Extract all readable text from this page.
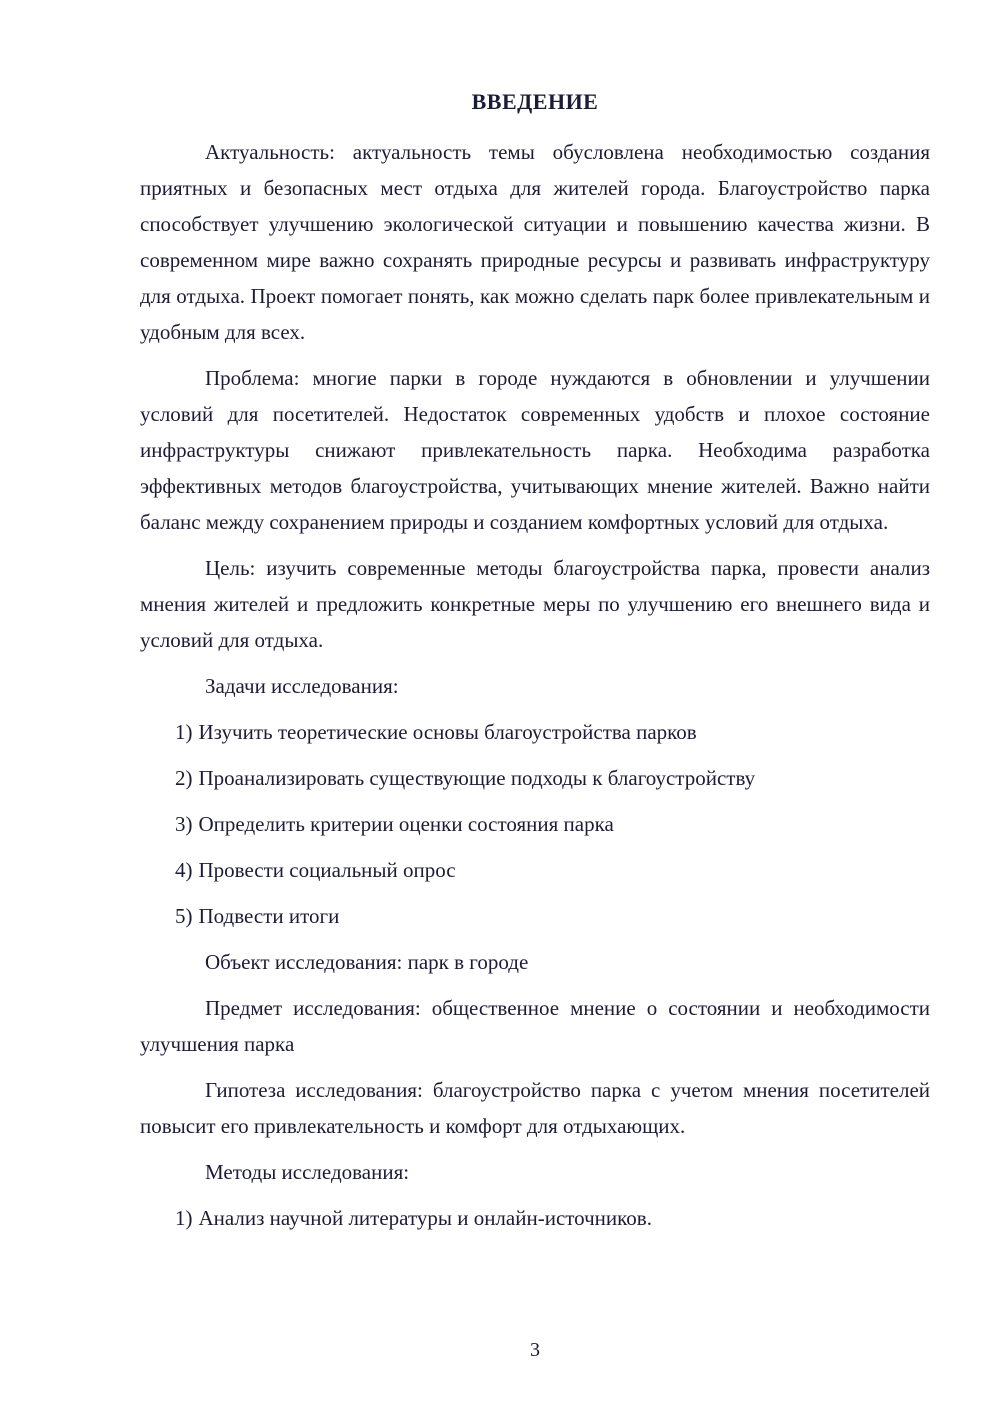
ВВЕДЕНИЕ

Актуальность: актуальность темы обусловлена необходимостью создания приятных и безопасных мест отдыха для жителей города. Благоустройство парка способствует улучшению экологической ситуации и повышению качества жизни. В современном мире важно сохранять природные ресурсы и развивать инфраструктуру для отдыха. Проект помогает понять, как можно сделать парк более привлекательным и удобным для всех.

Проблема: многие парки в городе нуждаются в обновлении и улучшении условий для посетителей. Недостаток современных удобств и плохое состояние инфраструктуры снижают привлекательность парка. Необходима разработка эффективных методов благоустройства, учитывающих мнение жителей. Важно найти баланс между сохранением природы и созданием комфортных условий для отдыха.

Цель: изучить современные методы благоустройства парка, провести анализ мнения жителей и предложить конкретные меры по улучшению его внешнего вида и условий для отдыха.

Задачи исследования:

1) Изучить теоретические основы благоустройства парков
2) Проанализировать существующие подходы к благоустройству
3) Определить критерии оценки состояния парка
4) Провести социальный опрос
5) Подвести итоги

Объект исследования: парк в городе

Предмет исследования: общественное мнение о состоянии и необходимости улучшения парка

Гипотеза исследования: благоустройство парка с учетом мнения посетителей повысит его привлекательность и комфорт для отдыхающих.

Методы исследования:

1) Анализ научной литературы и онлайн-источников.
3
